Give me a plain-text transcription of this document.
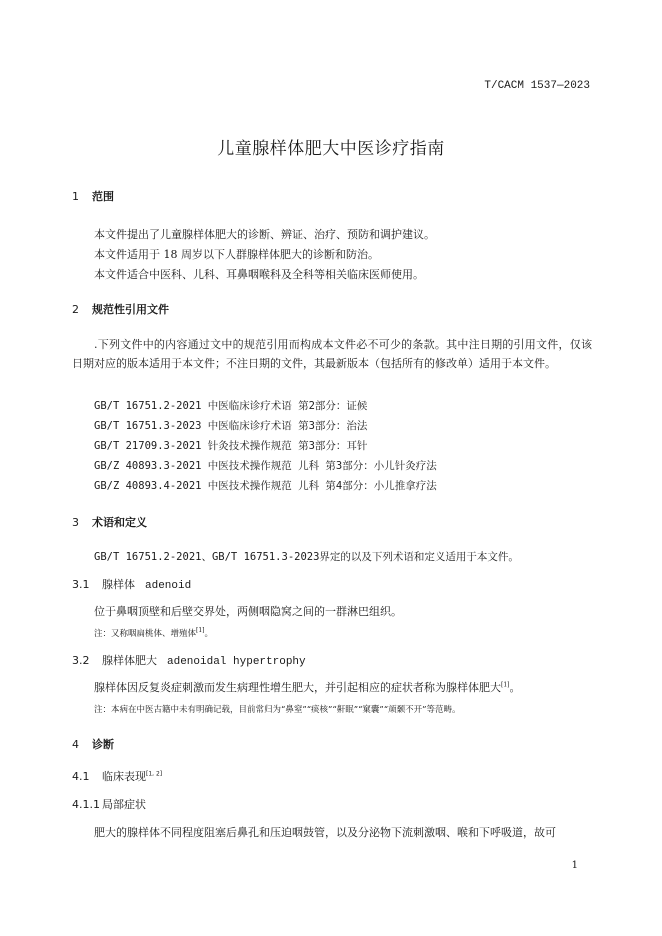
T/CACM 1537—2023
儿童腺样体肥大中医诊疗指南
1 范围
本文件提出了儿童腺样体肥大的诊断、辨证、治疗、预防和调护建议。
本文件适用于 18 周岁以下人群腺样体肥大的诊断和防治。
本文件适合中医科、儿科、耳鼻咽喉科及全科等相关临床医师使用。
2 规范性引用文件
.下列文件中的内容通过文中的规范引用而构成本文件必不可少的条款。其中注日期的引用文件，仅该日期对应的版本适用于本文件；不注日期的文件，其最新版本（包括所有的修改单）适用于本文件。
GB/T 16751.2-2021 中医临床诊疗术语 第2部分：证候
GB/T 16751.3-2023 中医临床诊疗术语 第3部分：治法
GB/T 21709.3-2021 针灸技术操作规范 第3部分：耳针
GB/Z 40893.3-2021 中医技术操作规范 儿科 第3部分：小儿针灸疗法
GB/Z 40893.4-2021 中医技术操作规范 儿科 第4部分：小儿推拿疗法
3 术语和定义
GB/T 16751.2-2021、GB/T 16751.3-2023界定的以及下列术语和定义适用于本文件。
3.1 腺样体 adenoid
位于鼻咽顶壁和后壁交界处，两侧咽隐窝之间的一群淋巴组织。
注：又称咽扁桃体、增殖体[1]。
3.2 腺样体肥大 adenoidal hypertrophy
腺样体因反复炎症刺激而发生病理性增生肥大，并引起相应的症状者称为腺样体肥大[1]。
注：本病在中医古籍中未有明确记载，目前常归为“鼻窒”“痰核”“鼾眠”“窠囊”“颃颡不开”等范畴。
4 诊断
4.1 临床表现[1, 2]
4.1.1 局部症状
肥大的腺样体不同程度阻塞后鼻孔和压迫咽鼓管，以及分泌物下流刺激咽、喉和下呼吸道，故可
1
